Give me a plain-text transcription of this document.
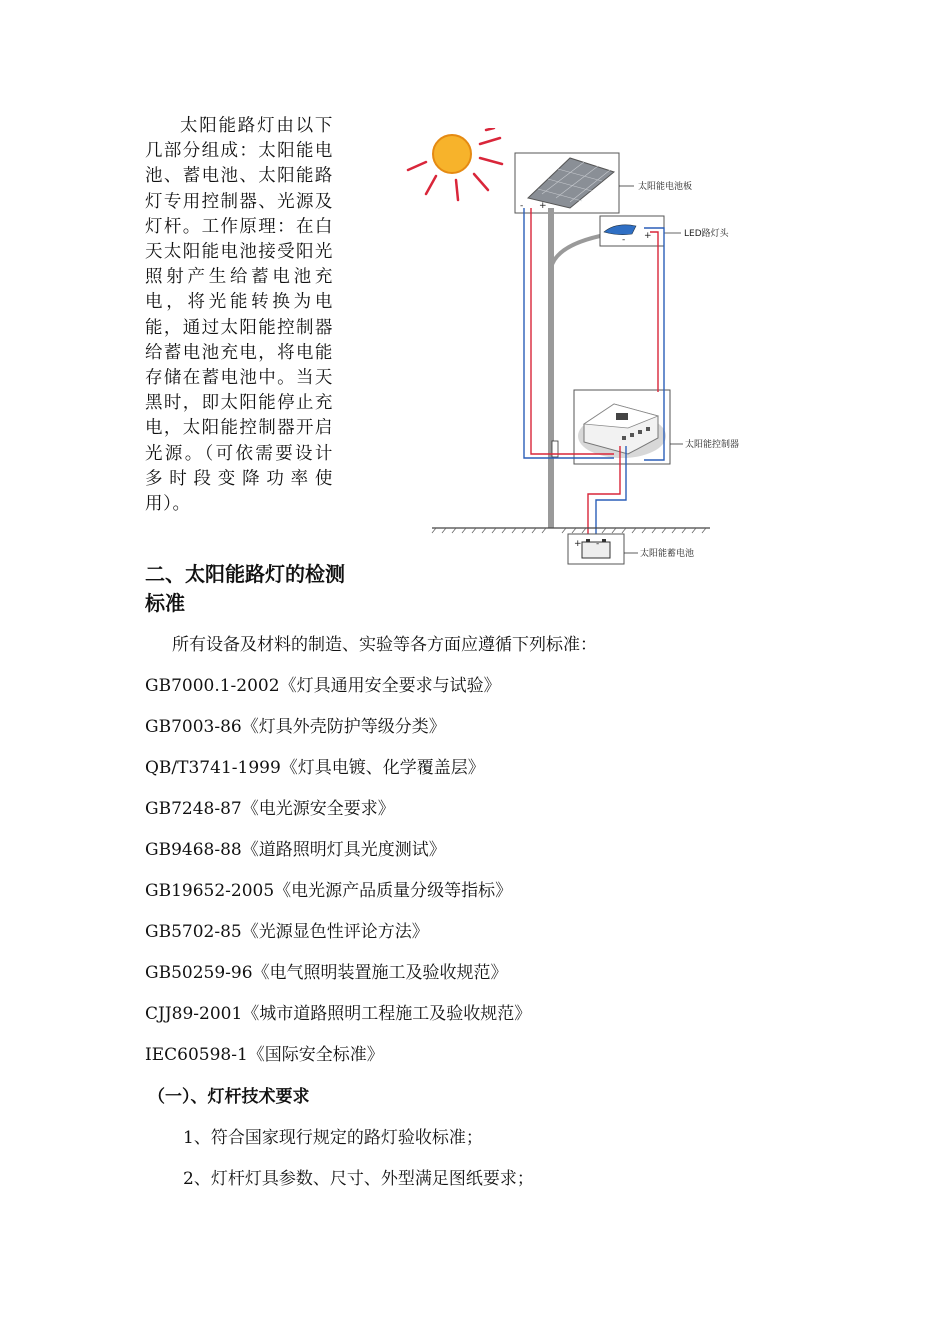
太阳能路灯由以下几部分组成：太阳能电池、蓄电池、太阳能路灯专用控制器、光源及灯杆。工作原理：在白天太阳能电池接受阳光照射产生给蓄电池充电，将光能转换为电能，通过太阳能控制器给蓄电池充电，将电能存储在蓄电池中。当天黑时，即太阳能停止充电，太阳能控制器开启光源。（可依需要设计多时段变降功率使用）。
- +
太阳能电池板
- +	LED路灯头
太阳能控制器
+ -
太阳能蓄电池
二、太阳能路灯的检测标准
所有设备及材料的制造、实验等各方面应遵循下列标准：
GB7000.1-2002《灯具通用安全要求与试验》
GB7003-86《灯具外壳防护等级分类》
QB/T3741-1999《灯具电镀、化学覆盖层》
GB7248-87《电光源安全要求》
GB9468-88《道路照明灯具光度测试》
GB19652-2005《电光源产品质量分级等指标》
GB5702-85《光源显色性评论方法》
GB50259-96《电气照明装置施工及验收规范》
CJJ89-2001《城市道路照明工程施工及验收规范》
IEC60598-1《国际安全标准》
（一）、灯杆技术要求
1、符合国家现行规定的路灯验收标准；
2、灯杆灯具参数、尺寸、外型满足图纸要求；
